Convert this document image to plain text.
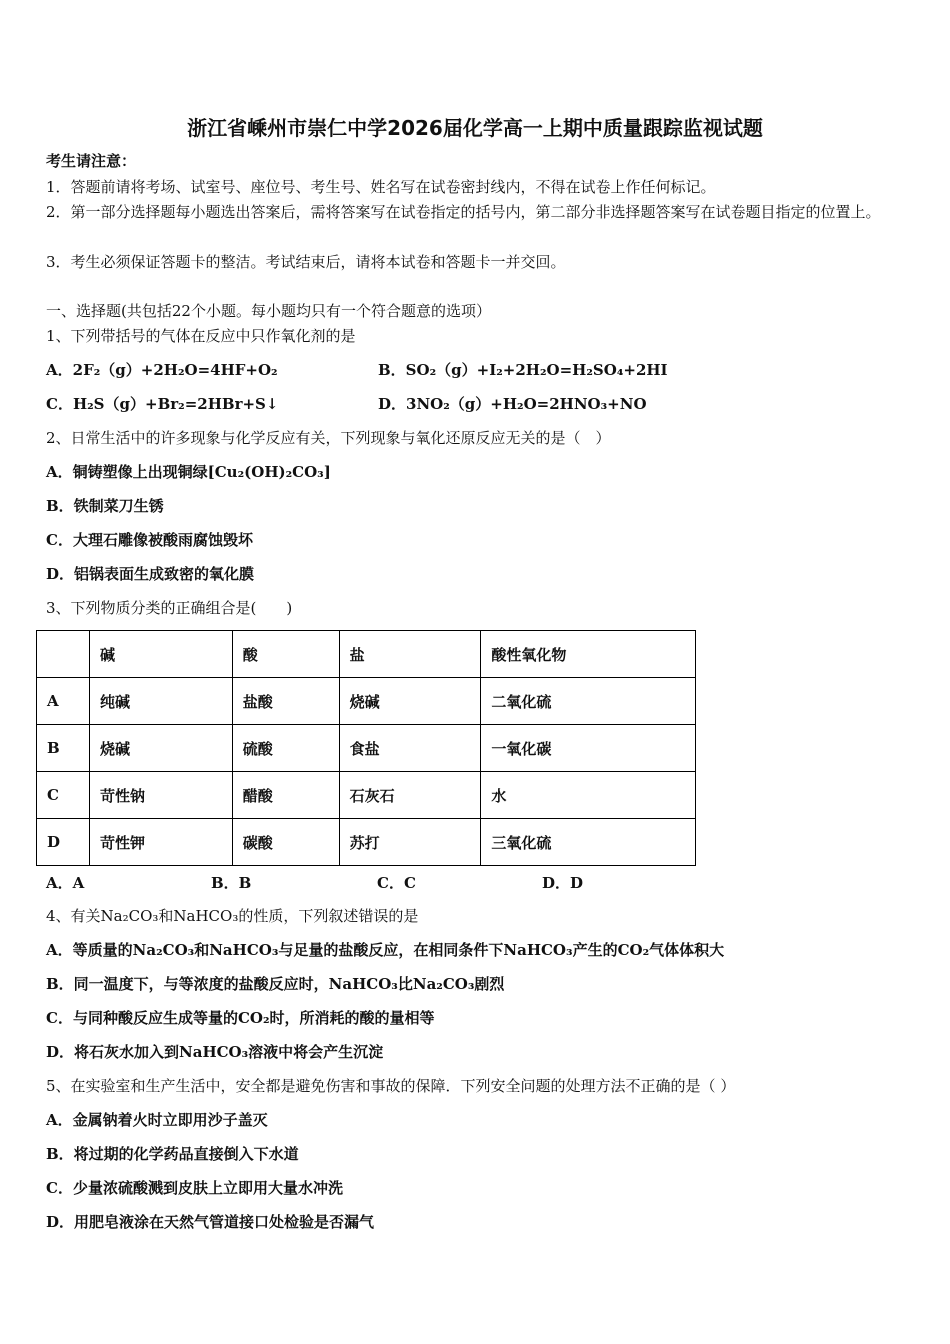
浙江省嵊州市崇仁中学2026届化学高一上期中质量跟踪监视试题
考生请注意：
1．答题前请将考场、试室号、座位号、考生号、姓名写在试卷密封线内，不得在试卷上作任何标记。
2．第一部分选择题每小题选出答案后，需将答案写在试卷指定的括号内，第二部分非选择题答案写在试卷题目指定的位置上。
3．考生必须保证答题卡的整洁。考试结束后，请将本试卷和答题卡一并交回。
一、选择题(共包括22个小题。每小题均只有一个符合题意的选项）
1、下列带括号的气体在反应中只作氧化剂的是
A．2F₂（g）+2H₂O=4HF+O₂	B．SO₂（g）+I₂+2H₂O=H₂SO₄+2HI
C．H₂S（g）+Br₂=2HBr+S↓	D．3NO₂（g）+H₂O=2HNO₃+NO
2、日常生活中的许多现象与化学反应有关，下列现象与氧化还原反应无关的是（　）
A．铜铸塑像上出现铜绿[Cu₂(OH)₂CO₃]
B．铁制菜刀生锈
C．大理石雕像被酸雨腐蚀毁坏
D．铝锅表面生成致密的氧化膜
3、下列物质分类的正确组合是(　　)
	碱	酸	盐	酸性氧化物
A	纯碱	盐酸	烧碱	二氧化硫
B	烧碱	硫酸	食盐	一氧化碳
C	苛性钠	醋酸	石灰石	水
D	苛性钾	碳酸	苏打	三氧化硫
A．A	B．B	C．C	D．D
4、有关Na₂CO₃和NaHCO₃的性质，下列叙述错误的是
A．等质量的Na₂CO₃和NaHCO₃与足量的盐酸反应，在相同条件下NaHCO₃产生的CO₂气体体积大
B．同一温度下，与等浓度的盐酸反应时，NaHCO₃比Na₂CO₃剧烈
C．与同种酸反应生成等量的CO₂时，所消耗的酸的量相等
D．将石灰水加入到NaHCO₃溶液中将会产生沉淀
5、在实验室和生产生活中，安全都是避免伤害和事故的保障．下列安全问题的处理方法不正确的是（ ）
A．金属钠着火时立即用沙子盖灭
B．将过期的化学药品直接倒入下水道
C．少量浓硫酸溅到皮肤上立即用大量水冲洗
D．用肥皂液涂在天然气管道接口处检验是否漏气
